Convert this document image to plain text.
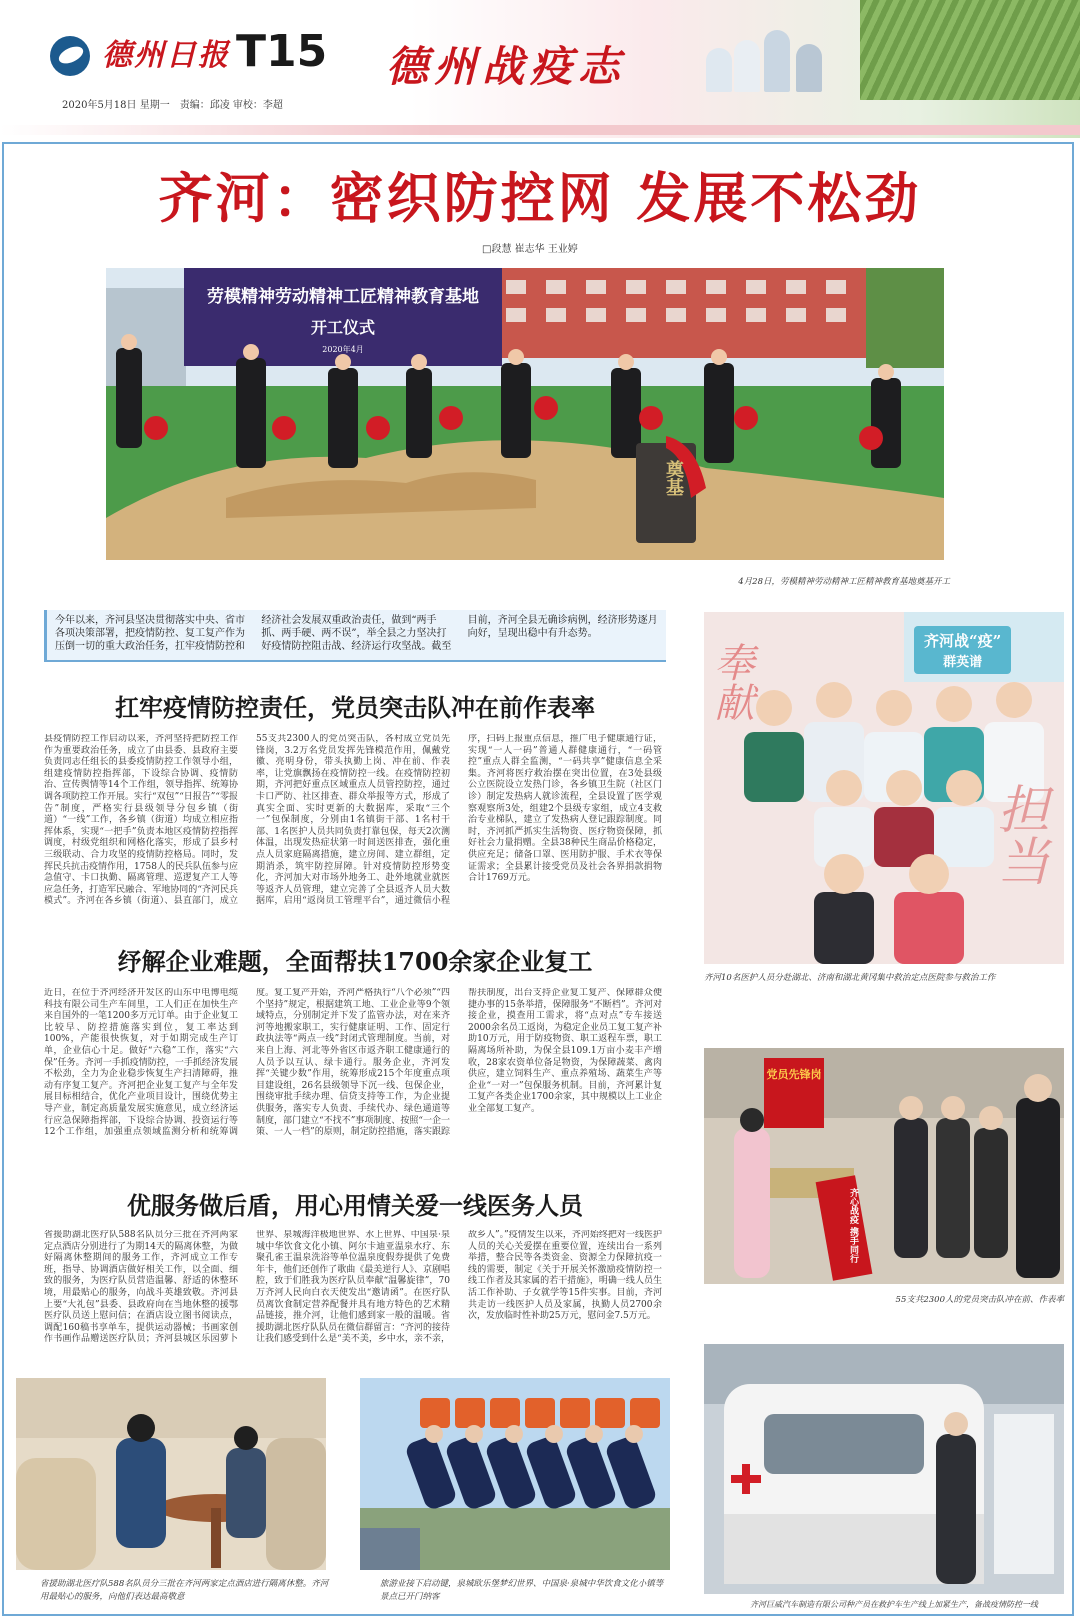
德州日报 T15 德州战疫志
2020年5月18日 星期一　责编：邱凌 审校：李超
齐河：密织防控网 发展不松劲
□段慧 崔志华 王业婷
劳模精神劳动精神工匠精神教育基地
开工仪式
2020年4月
奠基
4月28日，劳模精神劳动精神工匠精神教育基地奠基开工
今年以来，齐河县坚决贯彻落实中央、省市各项决策部署，把疫情防控、复工复产作为压倒一切的重大政治任务，扛牢疫情防控和经济社会发展双重政治责任，做到“两手抓、两手硬、两不误”，举全县之力坚决打好疫情防控阻击战、经济运行攻坚战。截至目前，齐河全县无确诊病例，经济形势逐月向好，呈现出稳中有升态势。
扛牢疫情防控责任，党员突击队冲在前作表率
县疫情防控工作启动以来，齐河坚持把防控工作作为重要政治任务，成立了由县委、县政府主要负责同志任组长的县委疫情防控工作领导小组，组建疫情防控指挥部，下设综合协调、疫情防治、宣传舆情等14个工作组，领导指挥、统筹协调各项防控工作开展。实行“双包”“日报告”“零报告”制度，严格实行县级领导分包乡镇（街道）“一线”工作，各乡镇（街道）均成立相应指挥体系，实现“一把手”负责本地区疫情防控指挥调度，村级党组织和网格化落实，形成了县乡村三级联动、合力攻坚的疫情防控格局。同时，发挥民兵抗击疫情作用，1758人的民兵队伍参与应急值守、卡口执勤、隔离管理、巡逻复产工人等应急任务，打造军民融合、军地协同的“齐河民兵模式”。齐河在各乡镇（街道）、县直部门，成立55支共2300人的党员突击队，各村成立党员先锋岗，3.2万名党员发挥先锋模范作用，佩戴党徽、亮明身份，带头执勤上岗、冲在前、作表率，让党旗飘扬在疫情防控一线。在疫情防控初期，齐河把好重点区域重点人员管控防控，通过卡口严防、社区排查、群众举报等方式，形成了真实全面、实时更新的大数据库，采取“三个一”包保制度，分别由1名镇街干部、1名村干部、1名医护人员共同负责打靠包保，每天2次测体温，出现发热症状第一时间送医排查，强化重点人员家庭隔离措施，建立房间、建立群组，定期消杀，筑牢防控屏障。针对疫情防控形势变化，齐河加大对市场外地务工、赴外地就业就医等返齐人员管理，建立完善了全县返齐人员大数据库，启用“返岗员工管理平台”，通过微信小程序，扫码上报重点信息，推广电子健康通行证，实现“一人一码”普通人群健康通行，“一码管控”重点人群全监测，“一码共享”健康信息全采集。齐河将医疗救治摆在突出位置，在3处县级公立医院设立发热门诊，各乡镇卫生院（社区门诊）制定发热病人就诊流程，全县设置了医学观察观察所3处，组建2个县级专家组，成立4支救治专业梯队，建立了发热病人登记跟踪制度。同时，齐河抓严抓实生活物资、医疗物资保障，抓好社会力量捐赠。全县38种民生商品价格稳定，供应充足；储备口罩、医用防护服、手术衣等保证需求；全县累计接受党员及社会各界捐款捐物合计1769万元。
纾解企业难题，全面帮扶1700余家企业复工
近日，在位于齐河经济开发区的山东中电博电缆科技有限公司生产车间里，工人们正在加快生产来自国外的一笔1200多万元订单。由于企业复工比较早、防控措施落实到位，复工率达到100%，产能很快恢复，对于如期完成生产订单，企业信心十足。做好“六稳”工作，落实“六保”任务。齐河一手抓疫情防控，一手抓经济发展不松劲，全力为企业稳步恢复生产扫清障碍，推动有序复工复产。齐河把企业复工复产与全年发展目标相结合，优化产业项目设计，围绕优势主导产业，制定高质量发展实施意见，成立经济运行应急保障指挥部，下设综合协调、投资运行等12个工作组，加强重点领域监测分析和统筹调度。复工复产开始，齐河严格执行“八个必须”“四个坚持”规定，根据建筑工地、工业企业等9个领域特点，分别制定并下发了监管办法，对在来齐河等地搬家职工，实行健康证明、工作、固定行政执法等“两点一线”封闭式管理制度。当前，对来自上海、河北等外省区市返齐职工健康通行的人员予以互认、绿卡通行。服务企业，齐河发挥“关键少数”作用，统筹形成215个年度重点项目建设组，26名县级领导下沉一线、包保企业，围绕审批手续办理、信贷支持等工作，为企业提供服务，落实专人负责、手续代办、绿色通道等制度，部门建立“不找不”事项制度、按照“一企一策、一人一档”的原则，制定防控措施，落实跟踪帮扶制度，出台支持企业复工复产、保障群众便捷办事的15条举措，保障服务“不断档”。齐河对接企业，摸查用工需求，将“点对点”专车接送2000余名员工返岗，为稳定企业员工复工复产补助10万元，用于防疫物资、职工返程车票，职工隔离场所补助，为保全县109.1万亩小麦丰产增收，28家农资单位备足物资，为保障蔬菜、禽肉供应，建立饲料生产、重点养殖场、蔬菜生产等企业“一对一”包保服务机制。目前，齐河累计复工复产各类企业1700余家，其中规模以上工业企业全部复工复产。
优服务做后盾，用心用情关爱一线医务人员
省援助湖北医疗队588名队员分三批在齐河两家定点酒店分别进行了为期14天的隔离休整，为做好隔离休整期间的服务工作，齐河成立工作专班，指导、协调酒店做好相关工作，以全面、细致的服务，为医疗队员营造温馨、舒适的休整环境，用最贴心的服务，向战斗英雄致敬。齐河县上要“大礼包”县委、县政府向在当地休整的援鄂医疗队员送上慰问信；在酒店设立图书阅读点，调配160稿书享单车，提供运动器械；书画家创作书画作品赠送医疗队员；齐河县城区乐园萝卜世界、泉城海洋极地世界、水上世界、中国泉·泉城中华饮食文化小镇、阿尔卡迪亚温泉水疗、东聚孔雀王温泉洗浴等单位温泉度假券提供了免费年卡，他们还创作了歌曲《最美逆行人》、京剧唱腔，致于们胜我为医疗队员奉献“温馨旋律”，70万齐河人民向白衣天使发出“邀请函”。在医疗队员离饮食制定营养配餐并具有地方特色的艺术精品链接，推介河，让他们感到家一般的温暖。省援助湖北医疗队队员在微信群留言：“齐河的接待让我们感受到什么是“美不美，乡中水，亲不亲，故乡人”。”疫情发生以来，齐河始终把对一线医护人员的关心关爱摆在重要位置，连续出台一系列举措，整合民等各类资金、资源全力保障抗疫一线的需要，制定《关于开展关怀激励疫情防控一线工作者及其家属的若干措施》，明确一线人员生活工作补助、子女就学等15件实事。目前，齐河共走访一线医护人员及家属，执勤人员2700余次，发放临时性补助25万元，慰问金7.5万元。
齐河战“疫”
群英谱
奉献
担当
齐河10名医护人员分赴湖北、济南和湖北黄冈集中救治定点医院参与救治工作
党员先锋岗
齐心战疫 携手同行
55支共2300人的党员突击队冲在前、作表率
齐河巨威汽车制造有限公司种产员在救护车生产线上加紧生产，备战疫情防控一线
省援助湖北医疗队588名队员分三批在齐河两家定点酒店进行隔离休整。齐河用最贴心的服务，向他们表达最高敬意
旅游业接下启动键，泉城欧乐堡梦幻世界、中国泉·泉城中华饮食文化小镇等景点已开门纳客
